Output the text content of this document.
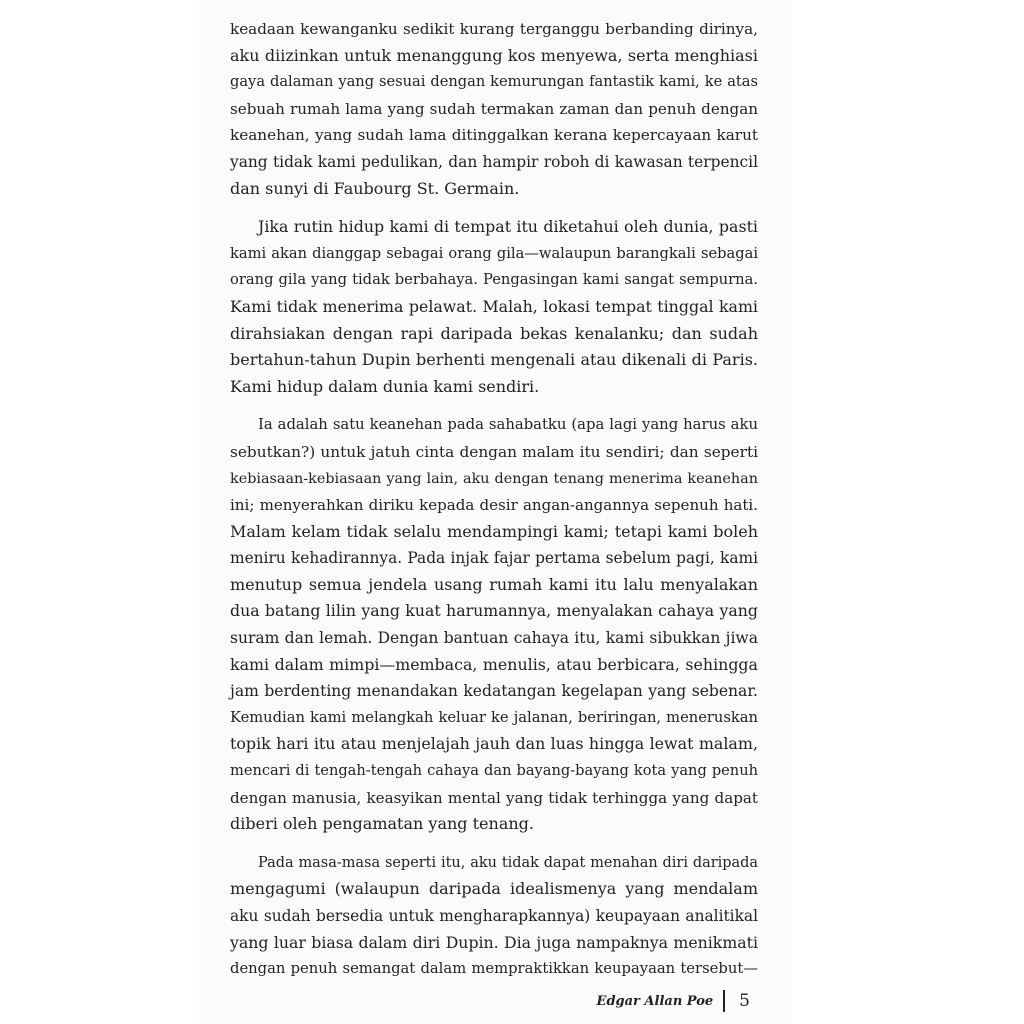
keadaan kewanganku sedikit kurang terganggu berbanding dirinya,
aku diizinkan untuk menanggung kos menyewa, serta menghiasi
gaya dalaman yang sesuai dengan kemurungan fantastik kami, ke atas
sebuah rumah lama yang sudah termakan zaman dan penuh dengan
keanehan, yang sudah lama ditinggalkan kerana kepercayaan karut
yang tidak kami pedulikan, dan hampir roboh di kawasan terpencil
dan sunyi di Faubourg St. Germain.
Jika rutin hidup kami di tempat itu diketahui oleh dunia, pasti
kami akan dianggap sebagai orang gila—walaupun barangkali sebagai
orang gila yang tidak berbahaya. Pengasingan kami sangat sempurna.
Kami tidak menerima pelawat. Malah, lokasi tempat tinggal kami
dirahsiakan dengan rapi daripada bekas kenalanku; dan sudah
bertahun-tahun Dupin berhenti mengenali atau dikenali di Paris.
Kami hidup dalam dunia kami sendiri.
Ia adalah satu keanehan pada sahabatku (apa lagi yang harus aku
sebutkan?) untuk jatuh cinta dengan malam itu sendiri; dan seperti
kebiasaan-kebiasaan yang lain, aku dengan tenang menerima keanehan
ini; menyerahkan diriku kepada desir angan-angannya sepenuh hati.
Malam kelam tidak selalu mendampingi kami; tetapi kami boleh
meniru kehadirannya. Pada injak fajar pertama sebelum pagi, kami
menutup semua jendela usang rumah kami itu lalu menyalakan
dua batang lilin yang kuat harumannya, menyalakan cahaya yang
suram dan lemah. Dengan bantuan cahaya itu, kami sibukkan jiwa
kami dalam mimpi—membaca, menulis, atau berbicara, sehingga
jam berdenting menandakan kedatangan kegelapan yang sebenar.
Kemudian kami melangkah keluar ke jalanan, beriringan, meneruskan
topik hari itu atau menjelajah jauh dan luas hingga lewat malam,
mencari di tengah-tengah cahaya dan bayang-bayang kota yang penuh
dengan manusia, keasyikan mental yang tidak terhingga yang dapat
diberi oleh pengamatan yang tenang.
Pada masa-masa seperti itu, aku tidak dapat menahan diri daripada
mengagumi (walaupun daripada idealismenya yang mendalam
aku sudah bersedia untuk mengharapkannya) keupayaan analitikal
yang luar biasa dalam diri Dupin. Dia juga nampaknya menikmati
dengan penuh semangat dalam mempraktikkan keupayaan tersebut—
Edgar Allan Poe 5
